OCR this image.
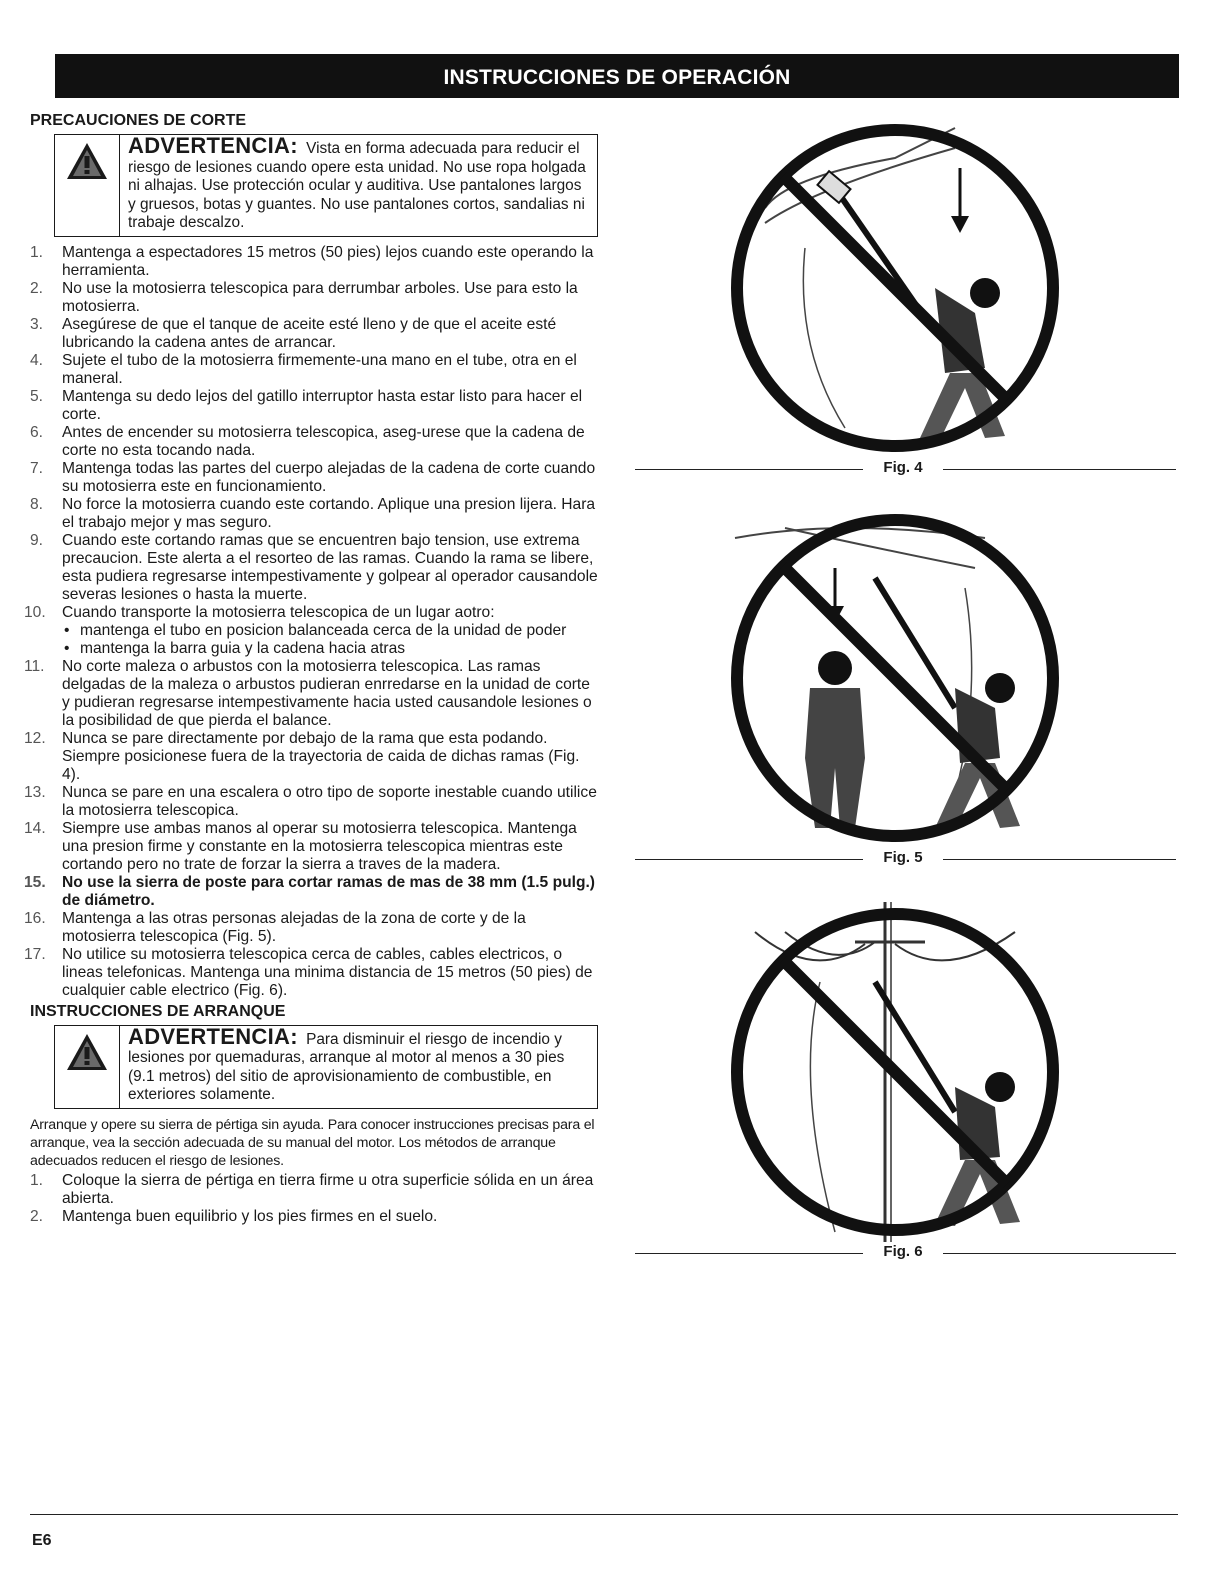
INSTRUCCIONES DE OPERACIÓN
PRECAUCIONES DE CORTE
ADVERTENCIA: Vista en forma adecuada para reducir el riesgo de lesiones cuando opere esta unidad. No use ropa holgada ni alhajas. Use protección ocular y auditiva. Use pantalones largos y gruesos, botas y guantes. No use pantalones cortos, sandalias ni trabaje descalzo.
1.	Mantenga a espectadores 15 metros (50 pies) lejos cuando este operando la herramienta.
2.	No use la motosierra telescopica para derrumbar arboles. Use para esto la motosierra.
3.	Asegúrese de que el tanque de aceite esté lleno y de que el aceite esté lubricando la cadena antes de arrancar.
4.	Sujete el tubo de la motosierra firmemente-una mano en el tube, otra en el maneral.
5.	Mantenga su dedo lejos del gatillo interruptor hasta estar listo para hacer el corte.
6.	Antes de encender su motosierra telescopica, aseg-urese que la cadena de corte no esta tocando nada.
7.	Mantenga todas las partes del cuerpo alejadas de la cadena de corte cuando su motosierra este en funcionamiento.
8.	No force la motosierra cuando este cortando. Aplique una presion lijera. Hara el trabajo mejor y mas seguro.
9.	Cuando este cortando ramas que se encuentren bajo tension, use extrema precaucion. Este alerta a el resorteo de las ramas. Cuando la rama se libere, esta pudiera regresarse intempestivamente y golpear al operador causandole severas lesiones o hasta la muerte.
10.	Cuando transporte la motosierra telescopica de un lugar aotro:
• mantenga el tubo en posicion balanceada cerca de la unidad de poder
• mantenga la barra guia y la cadena hacia atras
11.	No corte maleza o arbustos con la motosierra telescopica. Las ramas delgadas de la maleza o arbustos pudieran enrredarse en la unidad de corte y pudieran regresarse intempestivamente hacia usted causandole lesiones o la posibilidad de que pierda el balance.
12.	Nunca se pare directamente por debajo de la rama que esta podando. Siempre posicionese fuera de la trayectoria de caida de dichas ramas (Fig. 4).
13.	Nunca se pare en una escalera o otro tipo de soporte inestable cuando utilice la motosierra telescopica.
14.	Siempre use ambas manos al operar su motosierra telescopica. Mantenga una presion firme y constante en la motosierra telescopica mientras este cortando pero no trate de forzar la sierra a traves de la madera.
15.	No use la sierra de poste para cortar ramas de mas de 38 mm (1.5 pulg.) de diámetro.
16.	Mantenga a las otras personas alejadas de la zona de corte y de la motosierra telescopica (Fig. 5).
17.	No utilice su motosierra telescopica cerca de cables, cables electricos, o lineas telefonicas. Mantenga una minima distancia de 15 metros (50 pies) de cualquier cable electrico (Fig. 6).
INSTRUCCIONES DE ARRANQUE
ADVERTENCIA: Para disminuir el riesgo de incendio y lesiones por quemaduras, arranque al motor al menos a 30 pies (9.1 metros) del sitio de aprovisionamiento de combustible, en exteriores solamente.
Arranque y opere su sierra de pértiga sin ayuda. Para conocer instrucciones precisas para el arranque, vea la sección adecuada de su manual del motor. Los métodos de arranque adecuados reducen el riesgo de lesiones.
1.	Coloque la sierra de pértiga en tierra firme u otra superficie sólida en un área abierta.
2.	Mantenga buen equilibrio y los pies firmes en el suelo.
Fig. 4
Fig. 5
Fig. 6
E6
